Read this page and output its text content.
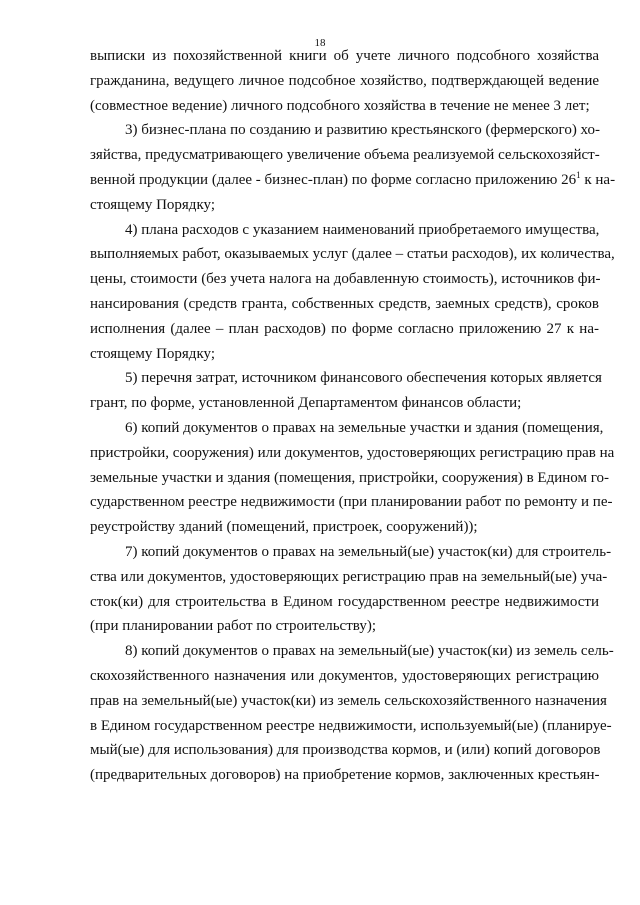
18

выписки из похозяйственной книги об учете личного подсобного хозяйства
гражданина, ведущего личное подсобное хозяйство, подтверждающей ведение
(совместное ведение) личного подсобного хозяйства в течение не менее 3 лет;

3) бизнес-плана по созданию и развитию крестьянского (фермерского) хо-
зяйства, предусматривающего увеличение объема реализуемой сельскохозяйст-
венной продукции (далее - бизнес-план) по форме согласно приложению $26^1$ к на-
стоящему Порядку;

4) плана расходов с указанием наименований приобретаемого имущества,
выполняемых работ, оказываемых услуг (далее – статьи расходов), их количества,
цены, стоимости (без учета налога на добавленную стоимость), источников фи-
нансирования (средств гранта, собственных средств, заемных средств), сроков
исполнения (далее – план расходов) по форме согласно приложению 27 к на-
стоящему Порядку;

5) перечня затрат, источником финансового обеспечения которых является
грант, по форме, установленной Департаментом финансов области;

6) копий документов о правах на земельные участки и здания (помещения,
пристройки, сооружения) или документов, удостоверяющих регистрацию прав на
земельные участки и здания (помещения, пристройки, сооружения) в Едином го-
сударственном реестре недвижимости (при планировании работ по ремонту и пе-
реустройству зданий (помещений, пристроек, сооружений));

7) копий документов о правах на земельный(ые) участок(ки) для строитель-
ства или документов, удостоверяющих регистрацию прав на земельный(ые) уча-
сток(ки) для строительства в Едином государственном реестре недвижимости
(при планировании работ по строительству);

8) копий документов о правах на земельный(ые) участок(ки) из земель сель-
скохозяйственного назначения или документов, удостоверяющих регистрацию
прав на земельный(ые) участок(ки) из земель сельскохозяйственного назначения
в Едином государственном реестре недвижимости, используемый(ые) (планируе-
мый(ые) для использования) для производства кормов, и (или) копий договоров
(предварительных договоров) на приобретение кормов, заключенных крестьян-
